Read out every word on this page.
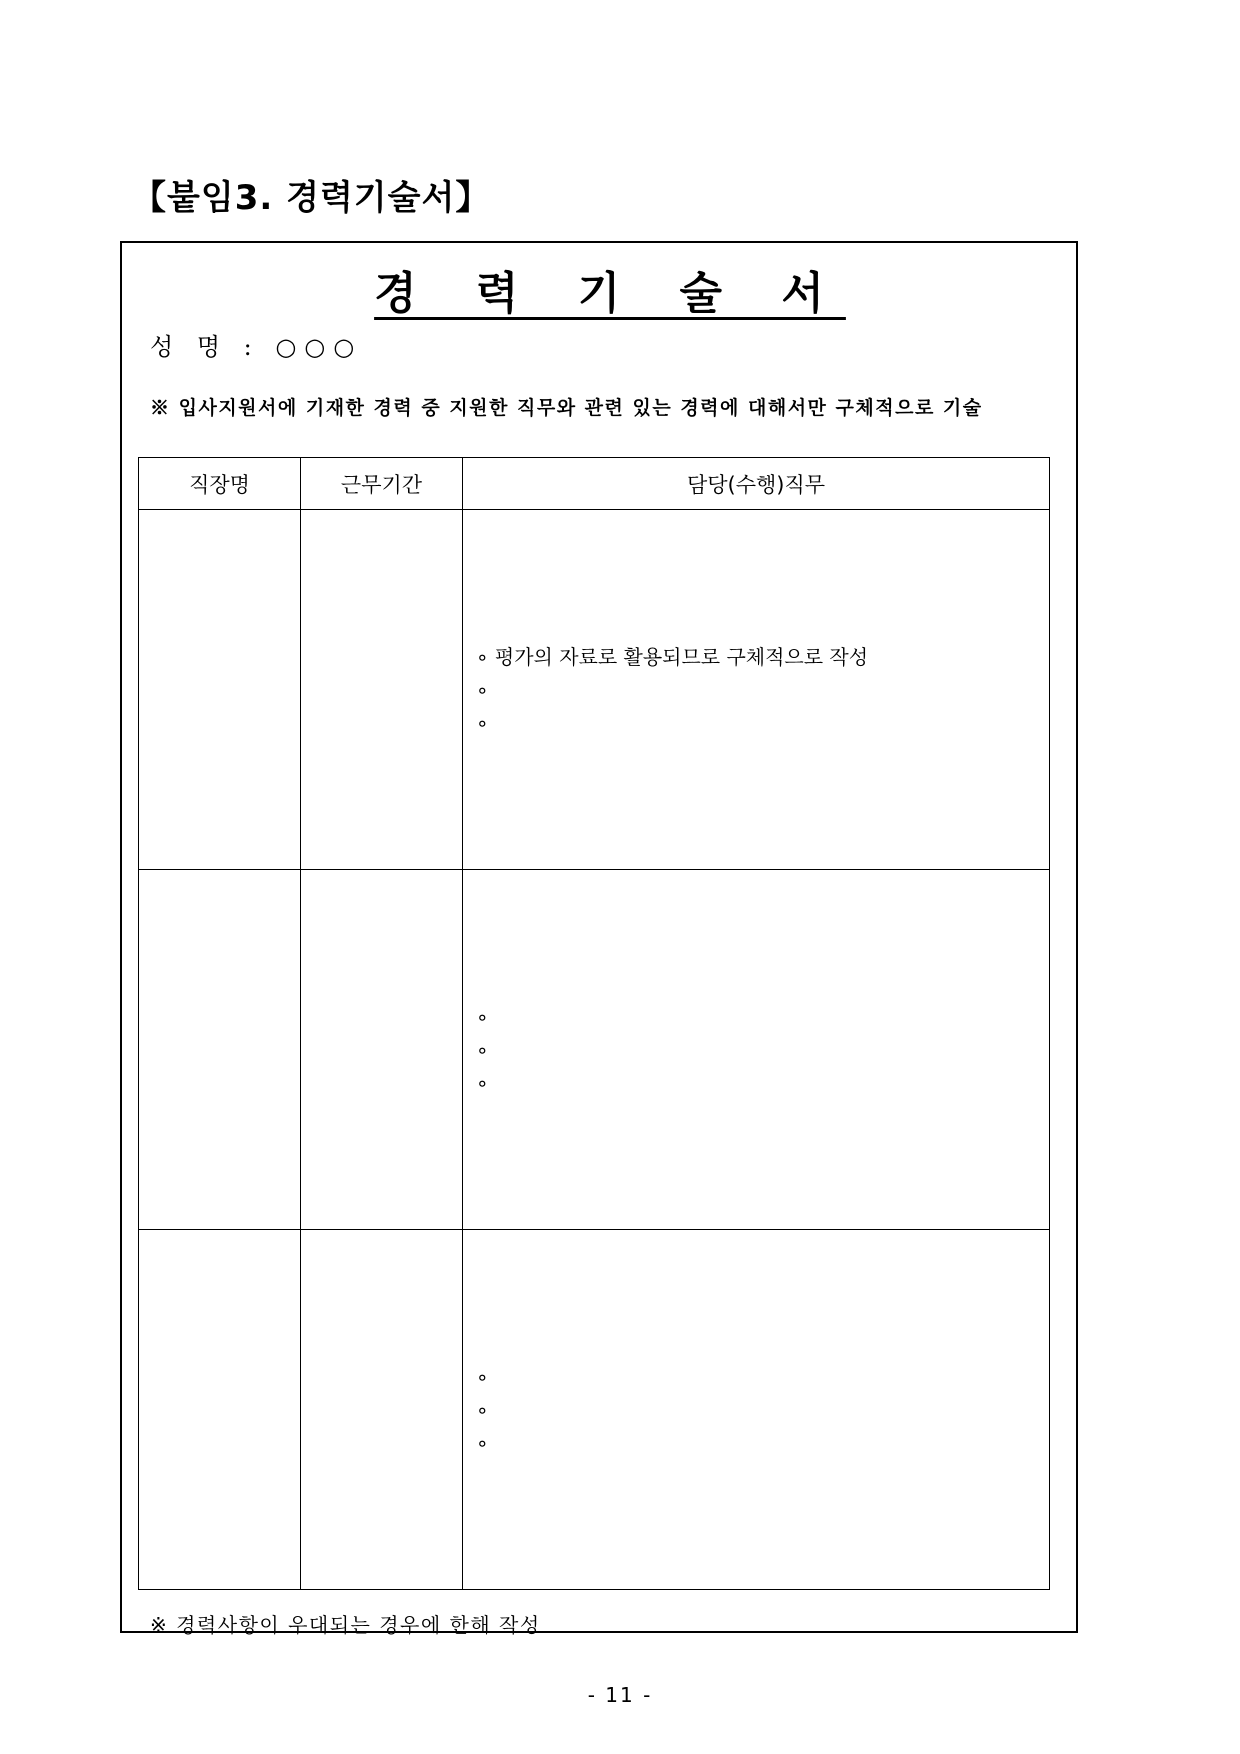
【붙임3. 경력기술서】
경 력 기 술 서
성 명 : ○○○
※ 입사지원서에 기재한 경력 중 지원한 직무와 관련 있는 경력에 대해서만 구체적으로 기술
직장명	근무기간	담당(수행)직무

		∘ 평가의 자료로 활용되므로 구체적으로 작성
∘
∘

		∘
∘
∘

		∘
∘
∘
※ 경력사항이 우대되는 경우에 한해 작성
- 11 -
